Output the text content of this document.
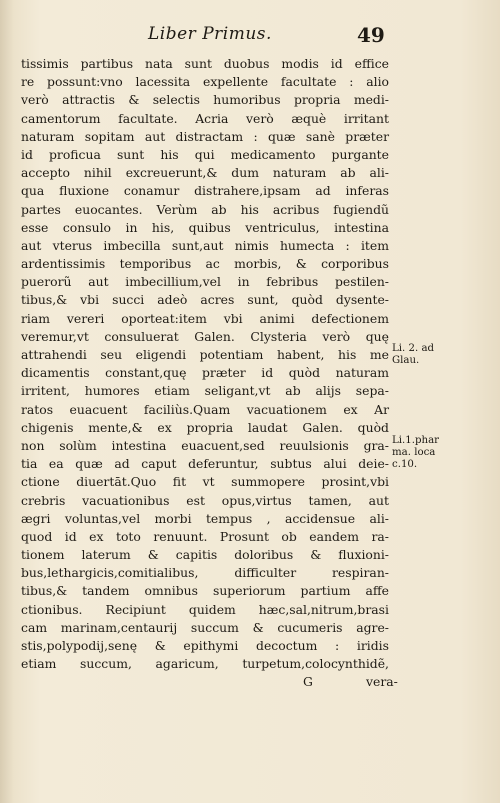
Liber Primus.	49
tissimis partibus nata sunt duobus modis id effice
re possunt:vno lacessita expellente facultate : alio
verò attractis & selectis humoribus propria medi-
camentorum facultate. Acria verò æquè irritant
naturam sopitam aut distractam : quæ sanè præter
id proficua sunt his qui medicamento purgante
accepto nihil excreuerunt,& dum naturam ab ali-
qua fluxione conamur distrahere,ipsam ad inferas
partes euocantes. Verùm ab his acribus fugiendũ
esse consulo in his, quibus ventriculus, intestina
aut vterus imbecilla sunt,aut nimis humecta : item
ardentissimis temporibus ac morbis, & corporibus
puerorũ aut imbecillium,vel in febribus pestilen-
tibus,& vbi succi adeò acres sunt, quòd dysente-
riam vereri oporteat:item vbi animi defectionem
veremur,vt consuluerat Galen. Clysteria verò quę
attrahendi seu eligendi potentiam habent, his me
dicamentis constant,quę præter id quòd naturam
irritent, humores etiam seligant,vt ab alijs sepa-
ratos euacuent faciliùs.Quam vacuationem ex Ar
chigenis mente,& ex propria laudat Galen. quòd
non solùm intestina euacuent,sed reuulsionis gra-
tia ea quæ ad caput deferuntur, subtus alui deie-
ctione diuertāt.Quo fit vt summopere prosint,vbi
crebris vacuationibus est opus,virtus tamen, aut
ægri voluntas,vel morbi tempus , accidensue ali-
quod id ex toto renuunt. Prosunt ob eandem ra-
tionem laterum & capitis doloribus & fluxioni-
bus,lethargicis,comitialibus, difficulter respiran-
tibus,& tandem omnibus superiorum partium affe
ctionibus. Recipiunt quidem hæc,sal,nitrum,brasi
cam marinam,centaurij succum & cucumeris agre-
stis,polypodij,senę & epithymi decoctum : iridis
etiam succum, agaricum, turpetum,colocynthidẽ,
G	vera-
Li. 2. ad
Glau.
Li.1.phar
ma. loca
c.10.
